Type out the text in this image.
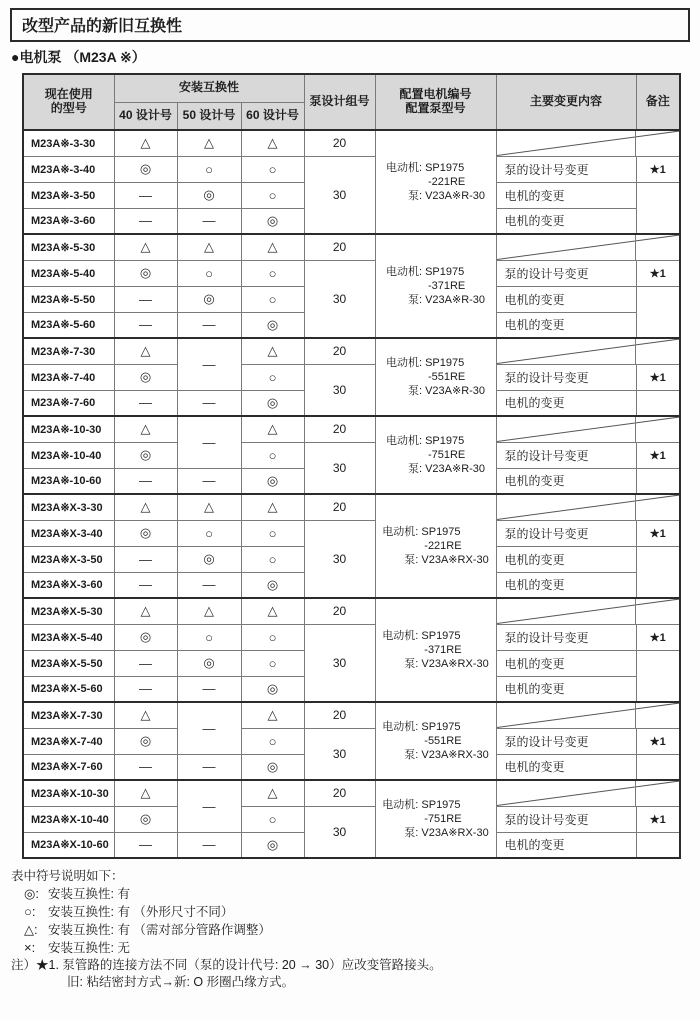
改型产品的新旧互换性
●电机泵 （M23A ※）
现在使用
的型号	安装互换性			泵设计组号	配置电机编号
配置泵型号	主要变更内容	备注
	40 设计号	50 设计号	60 设计号				
M23A※-3-30	△	△	△	20	电动机: SP1975
-221RE
泵: V23A※R-30

M23A※-3-40	◎	○	○	30		泵的设计号变更	★1
M23A※-3-50	—	◎	○			电机的变更	
M23A※-3-60	—	—	◎			电机的变更	
M23A※-5-30	△	△	△	20	电动机: SP1975
-371RE
泵: V23A※R-30

M23A※-5-40	◎	○	○	30		泵的设计号变更	★1
M23A※-5-50	—	◎	○			电机的变更	
M23A※-5-60	—	—	◎			电机的变更	
M23A※-7-30	△	—	△	20	电动机: SP1975
-551RE
泵: V23A※R-30

M23A※-7-40	◎		○	30		泵的设计号变更	★1
M23A※-7-60	—	—	◎			电机的变更	
M23A※-10-30	△	—	△	20	电动机: SP1975
-751RE
泵: V23A※R-30

M23A※-10-40	◎		○	30		泵的设计号变更	★1
M23A※-10-60	—	—	◎			电机的变更	
M23A※X-3-30	△	△	△	20	电动机: SP1975
-221RE
泵: V23A※RX-30

M23A※X-3-40	◎	○	○	30		泵的设计号变更	★1
M23A※X-3-50	—	◎	○			电机的变更	
M23A※X-3-60	—	—	◎			电机的变更	
M23A※X-5-30	△	△	△	20	电动机: SP1975
-371RE
泵: V23A※RX-30

M23A※X-5-40	◎	○	○	30		泵的设计号变更	★1
M23A※X-5-50	—	◎	○			电机的变更	
M23A※X-5-60	—	—	◎			电机的变更	
M23A※X-7-30	△	—	△	20	电动机: SP1975
-551RE
泵: V23A※RX-30

M23A※X-7-40	◎		○	30		泵的设计号变更	★1
M23A※X-7-60	—	—	◎			电机的变更	
M23A※X-10-30	△	—	△	20	电动机: SP1975
-751RE
泵: V23A※RX-30

M23A※X-10-40	◎		○	30		泵的设计号变更	★1
M23A※X-10-60	—	—	◎			电机的变更	
表中符号说明如下：
◎: 安装互换性: 有
○: 安装互换性: 有 （外形尺寸不同）
△: 安装互换性: 有 （需对部分管路作调整）
×: 安装互换性: 无
注）★1. 泵管路的连接方法不同（泵的设计代号: 20 → 30）应改变管路接头。
旧: 粘结密封方式→新: O 形圈凸缘方式。
